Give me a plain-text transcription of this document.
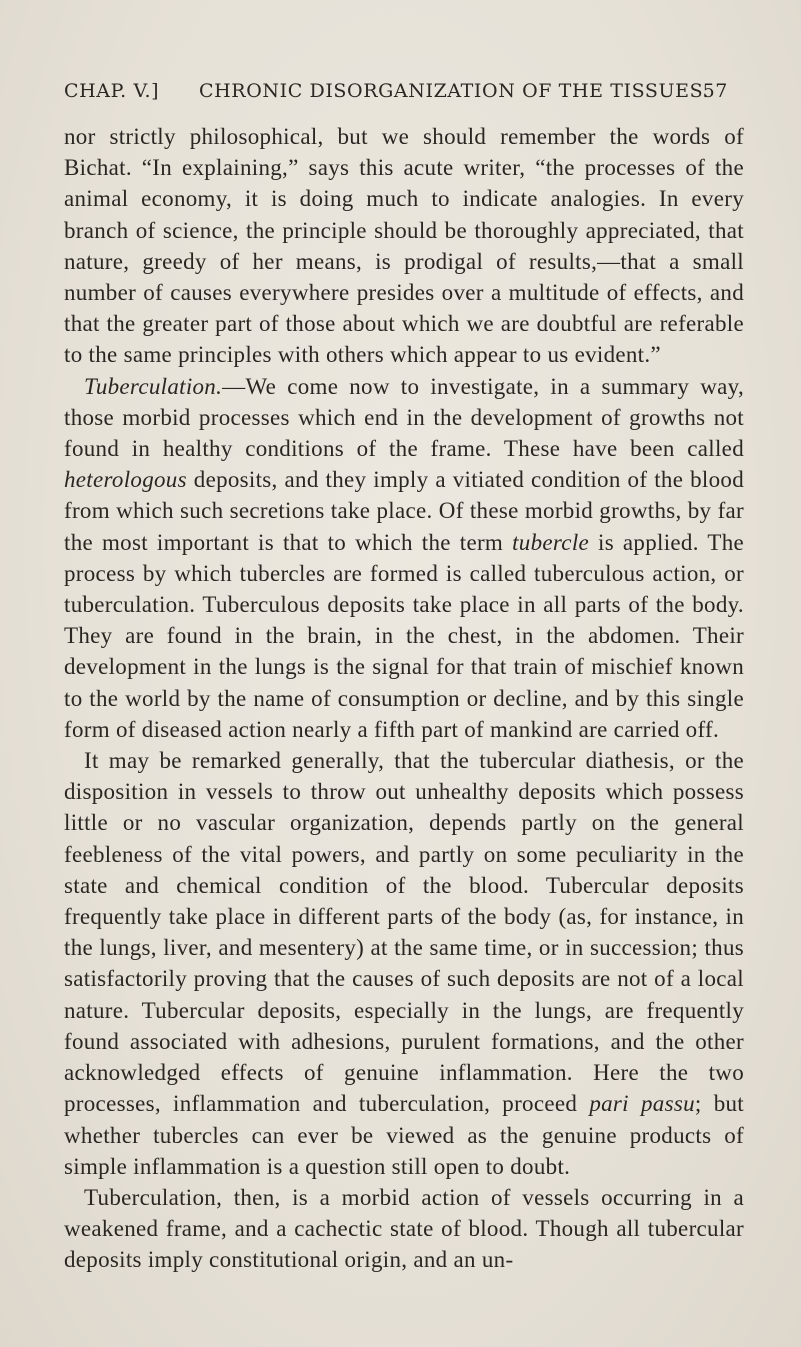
CHAP. V.] CHRONIC DISORGANIZATION OF THE TISSUES.
57

nor strictly philosophical, but we should remember the words of Bichat. “In explaining,” says this acute writer, “the processes of the animal economy, it is doing much to indicate analogies. In every branch of science, the principle should be thoroughly appreciated, that nature, greedy of her means, is prodigal of results,—that a small number of causes everywhere presides over a multitude of effects, and that the greater part of those about which we are doubtful are referable to the same principles with others which appear to us evident.”

Tuberculation.—We come now to investigate, in a summary way, those morbid processes which end in the development of growths not found in healthy conditions of the frame. These have been called heterologous deposits, and they imply a vitiated condition of the blood from which such secretions take place. Of these morbid growths, by far the most important is that to which the term tubercle is applied. The process by which tubercles are formed is called tuberculous action, or tuberculation. Tuberculous deposits take place in all parts of the body. They are found in the brain, in the chest, in the abdomen. Their development in the lungs is the signal for that train of mischief known to the world by the name of consumption or decline, and by this single form of diseased action nearly a fifth part of mankind are carried off.

It may be remarked generally, that the tubercular diathesis, or the disposition in vessels to throw out unhealthy deposits which possess little or no vascular organization, depends partly on the general feebleness of the vital powers, and partly on some peculiarity in the state and chemical condition of the blood. Tubercular deposits frequently take place in different parts of the body (as, for instance, in the lungs, liver, and mesentery) at the same time, or in succession; thus satisfactorily proving that the causes of such deposits are not of a local nature. Tubercular deposits, especially in the lungs, are frequently found associated with adhesions, purulent formations, and the other acknowledged effects of genuine inflammation. Here the two processes, inflammation and tuberculation, proceed pari passu; but whether tubercles can ever be viewed as the genuine products of simple inflammation is a question still open to doubt.

Tuberculation, then, is a morbid action of vessels occurring in a weakened frame, and a cachectic state of blood. Though all tubercular deposits imply constitutional origin, and an un-
